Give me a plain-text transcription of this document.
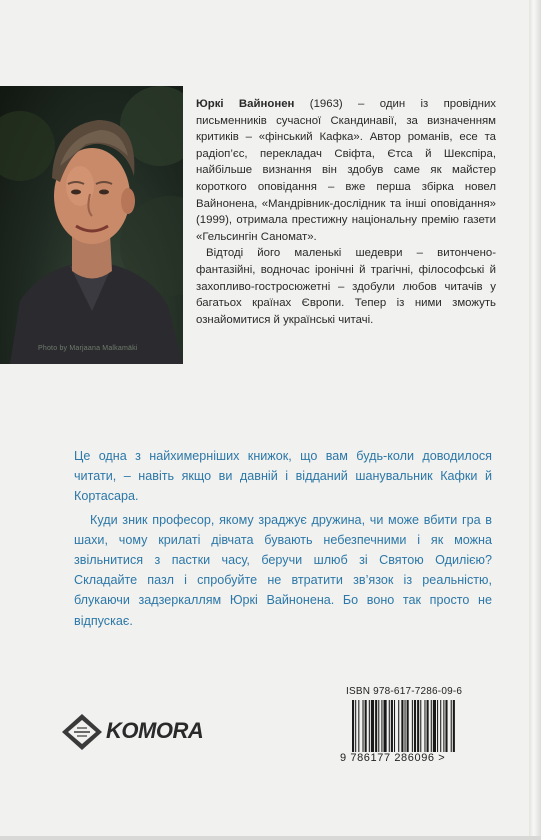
Photo by Marjaana Malkamäki

Юркі Вайнонен (1963) – один із провідних письменників сучасної Скандинавії, за визначенням критиків – «фінський Кафка». Автор романів, есе та радіоп’єс, перекладач Свіфта, Єтса й Шекспіра, найбільше визнання він здобув саме як майстер короткого оповідання – вже перша збірка новел Вайнонена, «Мандрівник-дослідник та інші оповідання» (1999), отримала престижну національну премію газети «Гельсингін Саномат».

Відтоді його маленькі шедеври – витончено-фантазійні, водночас іронічні й трагічні, філософські й захопливо-гостросюжетні – здобули любов читачів у багатьох країнах Європи. Тепер із ними зможуть ознайомитися й українські читачі.

Це одна з найхимерніших книжок, що вам будь-коли доводилося читати, – навіть якщо ви давній і відданий шанувальник Кафки й Кортасара.

Куди зник професор, якому зраджує дружина, чи може вбити гра в шахи, чому крилаті дівчата бувають небезпечними і як можна звільнитися з пастки часу, беручи шлюб зі Святою Одилією? Складайте пазл і спробуйте не втратити зв’язок із реальністю, блукаючи задзеркаллям Юркі Вайнонена. Бо воно так просто не відпускає.

KOMORA
ISBN 978-617-7286-09-6
9 786177 286096 >
